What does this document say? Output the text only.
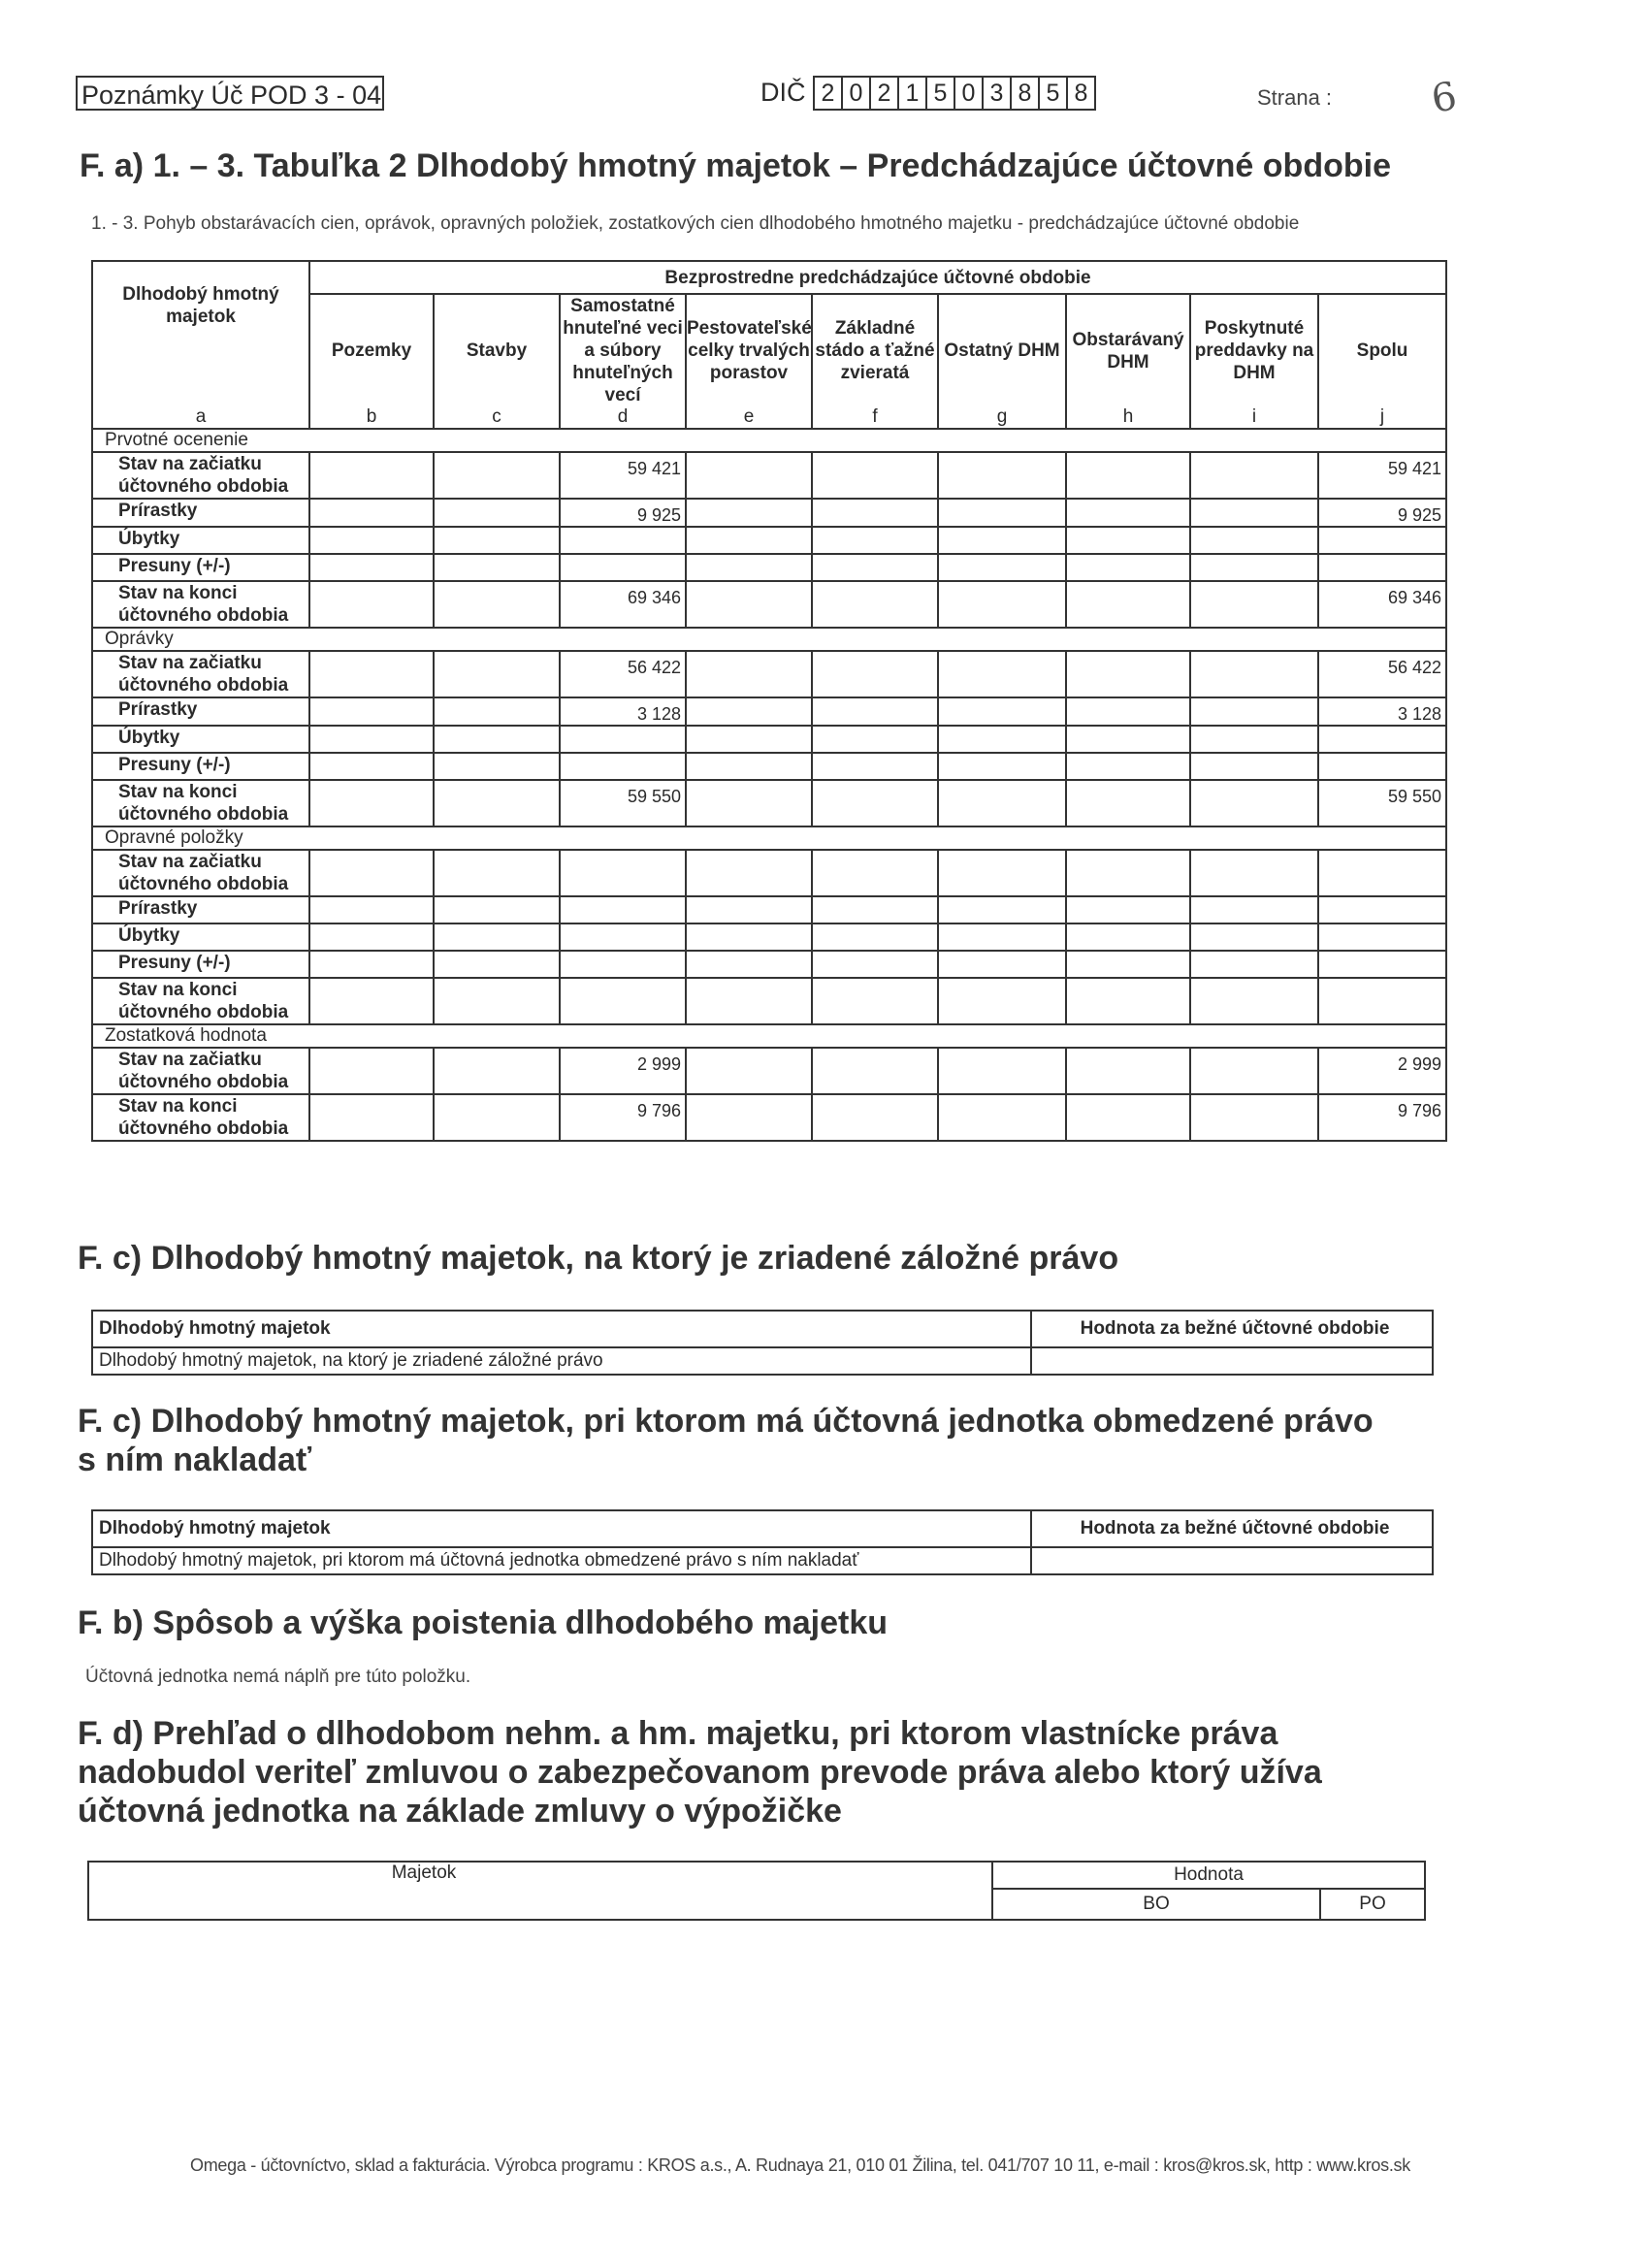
Poznámky Úč POD 3 - 04	DIČ 2 0 2 1 5 0 3 8 5 8	Strana : 6
F. a) 1. – 3. Tabuľka 2 Dlhodobý hmotný majetok – Predchádzajúce účtovné obdobie
1. - 3. Pohyb obstarávacích cien, oprávok, opravných položiek, zostatkových cien dlhodobého hmotného majetku - predchádzajúce účtovné obdobie
Dlhodobý hmotný majetok	Bezprostredne predchádzajúce účtovné obdobie								
	Pozemky	Stavby	Samostatné hnuteľné veci a súbory hnuteľných vecí	Pestovateľské celky trvalých porastov	Základné stádo a ťažné zvieratá	Ostatný DHM	Obstarávaný DHM	Poskytnuté preddavky na DHM	Spolu
a	b	c	d	e	f	g	h	i	j
Prvotné ocenenie									
Stav na začiatku účtovného obdobia			59 421						59 421
Prírastky			9 925						9 925
Úbytky									
Presuny (+/-)									
Stav na konci účtovného obdobia			69 346						69 346
Oprávky									
Stav na začiatku účtovného obdobia			56 422						56 422
Prírastky			3 128						3 128
Úbytky									
Presuny (+/-)									
Stav na konci účtovného obdobia			59 550						59 550
Opravné položky									
Stav na začiatku účtovného obdobia									
Prírastky									
Úbytky									
Presuny (+/-)									
Stav na konci účtovného obdobia									
Zostatková hodnota									
Stav na začiatku účtovného obdobia			2 999						2 999
Stav na konci účtovného obdobia			9 796						9 796
F. c) Dlhodobý hmotný majetok, na ktorý je zriadené záložné právo
Dlhodobý hmotný majetok	Hodnota za bežné účtovné obdobie
Dlhodobý hmotný majetok, na ktorý je zriadené záložné právo	
F. c) Dlhodobý hmotný majetok, pri ktorom má účtovná jednotka obmedzené právo
s ním nakladať
Dlhodobý hmotný majetok	Hodnota za bežné účtovné obdobie
Dlhodobý hmotný majetok, pri ktorom má účtovná jednotka obmedzené právo s ním nakladať	
F. b) Spôsob a výška poistenia dlhodobého majetku
Účtovná jednotka nemá náplň pre túto položku.
F. d) Prehľad o dlhodobom nehm. a hm. majetku, pri ktorom vlastnícke práva
nadobudol veriteľ zmluvou o zabezpečovanom prevode práva alebo ktorý užíva
účtovná jednotka na základe zmluvy o výpožičke
Majetok	Hodnota	
	BO	PO
Omega - účtovníctvo, sklad a fakturácia. Výrobca programu : KROS a.s., A. Rudnaya 21, 010 01 Žilina, tel. 041/707 10 11, e-mail : kros@kros.sk, http : www.kros.sk
